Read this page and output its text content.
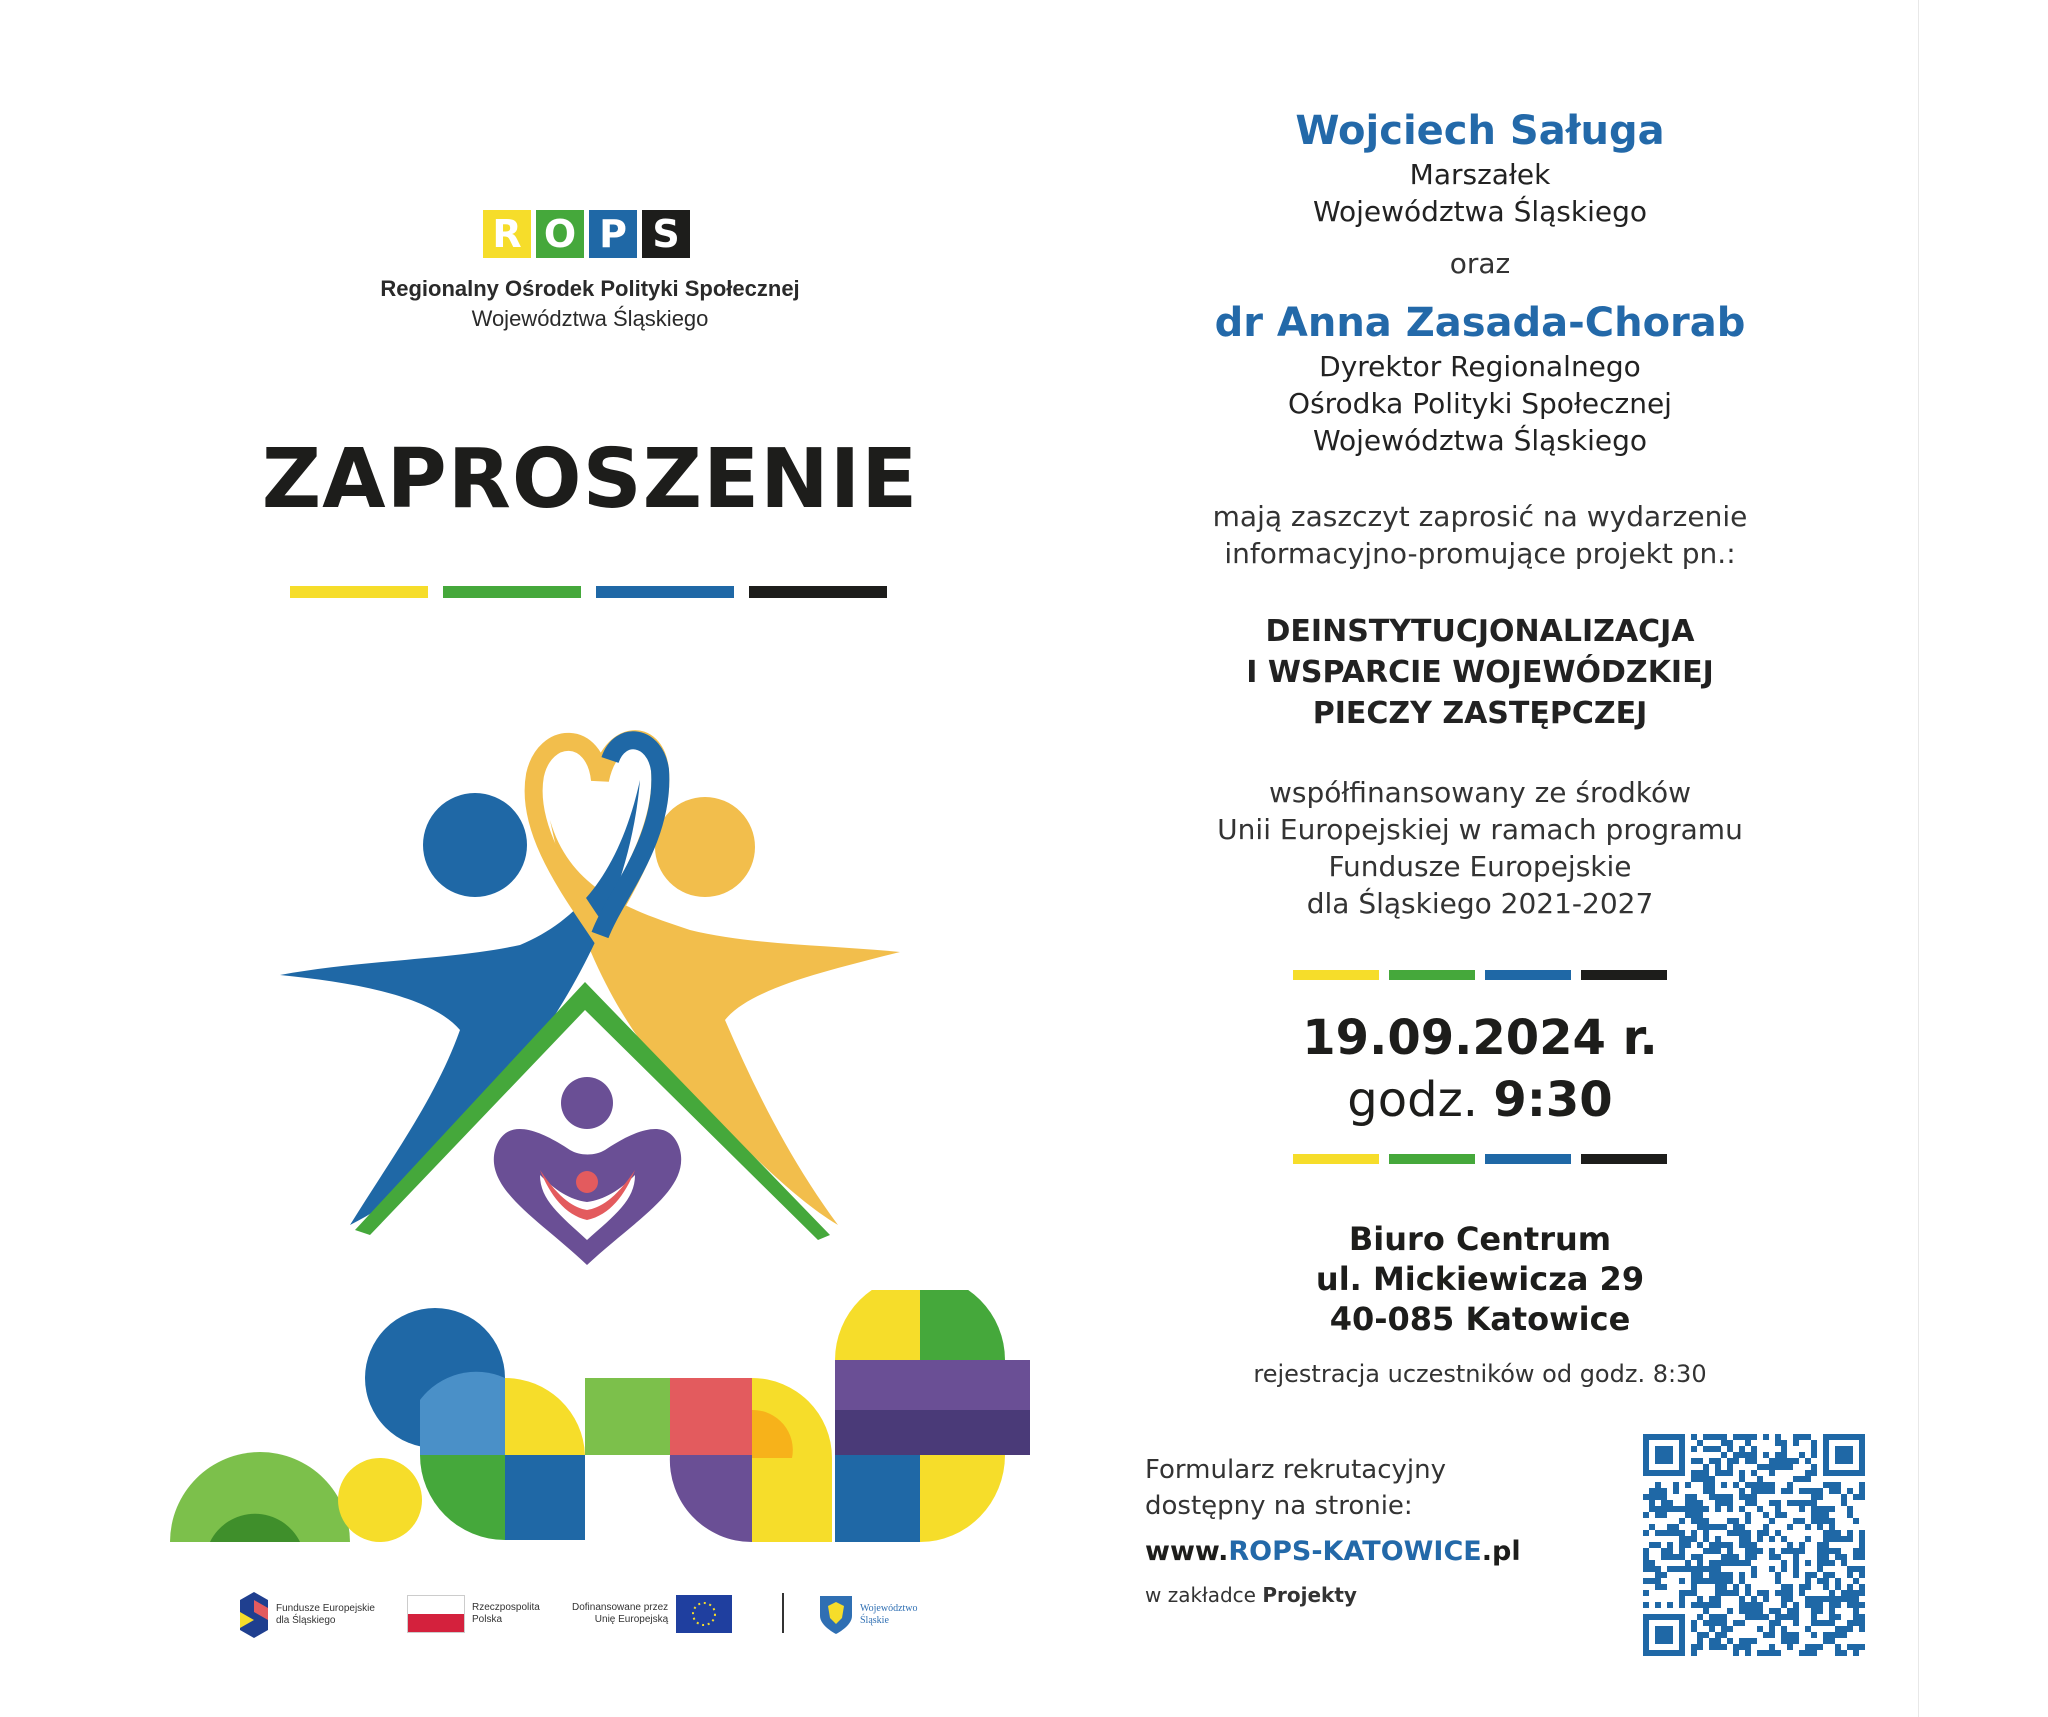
R O P S
Regionalny Ośrodek Polityki Społecznej
Województwa Śląskiego
ZAPROSZENIE
Fundusze Europejskie
dla Śląskiego
Rzeczpospolita
Polska
Dofinansowane przez
Unię Europejską
Województwo
Śląskie
Wojciech Saługa
Marszałek
Województwa Śląskiego
oraz
dr Anna Zasada-Chorab
Dyrektor Regionalnego
Ośrodka Polityki Społecznej
Województwa Śląskiego
mają zaszczyt zaprosić na wydarzenie
informacyjno-promujące projekt pn.:
DEINSTYTUCJONALIZACJA
I WSPARCIE WOJEWÓDZKIEJ
PIECZY ZASTĘPCZEJ
współfinansowany ze środków
Unii Europejskiej w ramach programu
Fundusze Europejskie
dla Śląskiego 2021-2027
19.09.2024 r.
godz. 9:30
Biuro Centrum
ul. Mickiewicza 29
40-085 Katowice
rejestracja uczestników od godz. 8:30
Formularz rekrutacyjny
dostępny na stronie:
www.ROPS-KATOWICE.pl
w zakładce Projekty
